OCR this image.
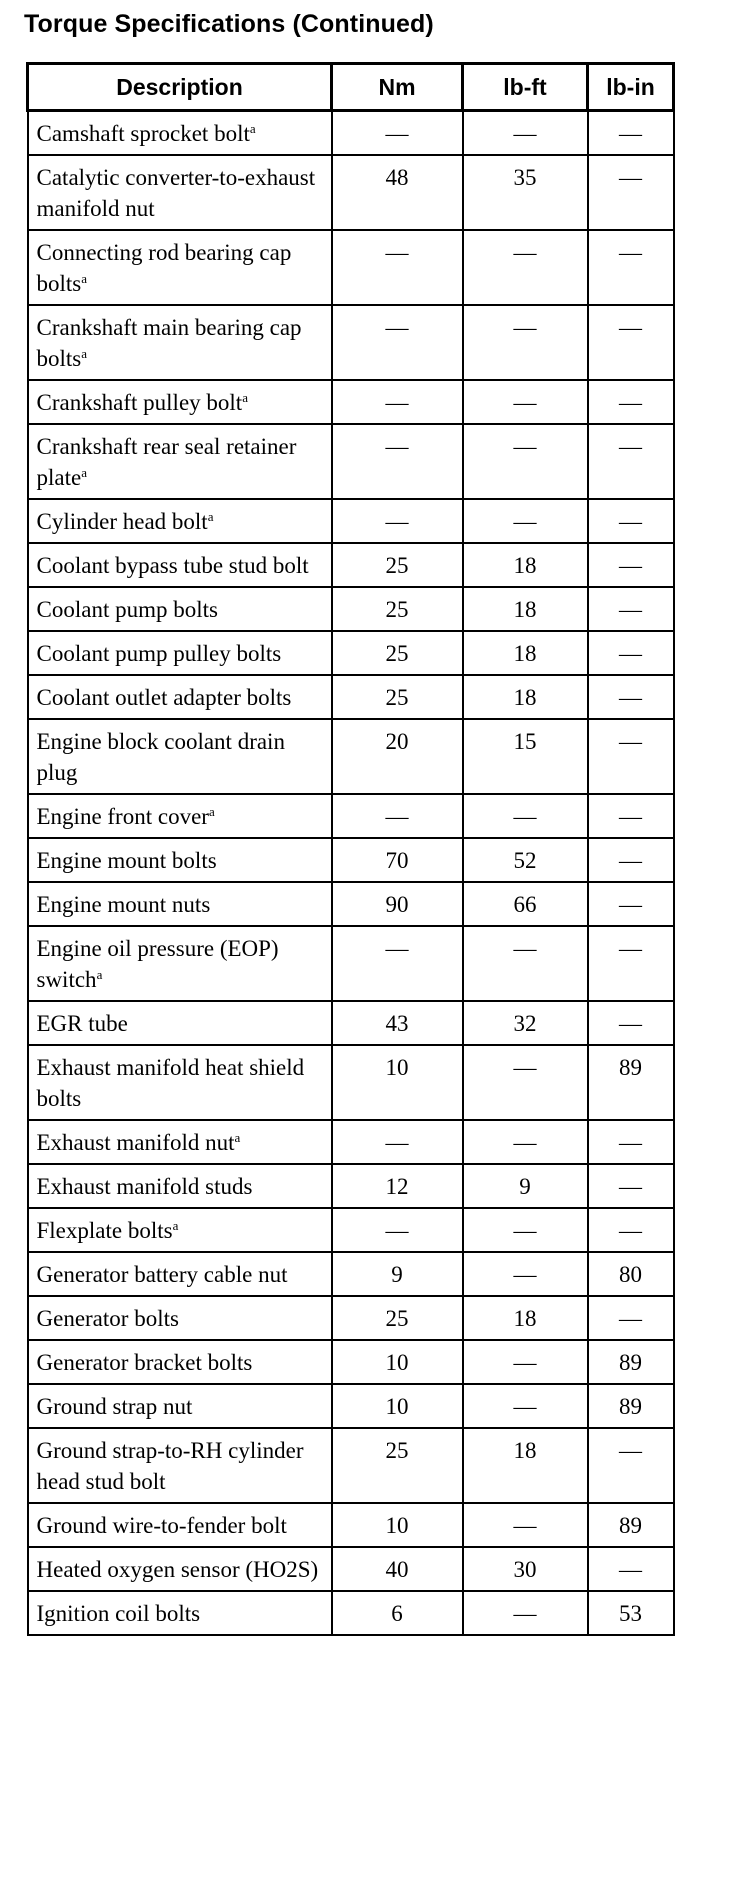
Torque Specifications (Continued)
Description	Nm	lb-ft	lb-in
Camshaft sprocket bolt$^a$	—	—	—
Catalytic converter-to-exhaust manifold nut	48	35	—
Connecting rod bearing cap bolts$^a$	—	—	—
Crankshaft main bearing cap bolts$^a$	—	—	—
Crankshaft pulley bolt$^a$	—	—	—
Crankshaft rear seal retainer plate$^a$	—	—	—
Cylinder head bolt$^a$	—	—	—
Coolant bypass tube stud bolt	25	18	—
Coolant pump bolts	25	18	—
Coolant pump pulley bolts	25	18	—
Coolant outlet adapter bolts	25	18	—
Engine block coolant drain plug	20	15	—
Engine front cover$^a$	—	—	—
Engine mount bolts	70	52	—
Engine mount nuts	90	66	—
Engine oil pressure (EOP) switch$^a$	—	—	—
EGR tube	43	32	—
Exhaust manifold heat shield bolts	10	—	89
Exhaust manifold nut$^a$	—	—	—
Exhaust manifold studs	12	9	—
Flexplate bolts$^a$	—	—	—
Generator battery cable nut	9	—	80
Generator bolts	25	18	—
Generator bracket bolts	10	—	89
Ground strap nut	10	—	89
Ground strap-to-RH cylinder head stud bolt	25	18	—
Ground wire-to-fender bolt	10	—	89
Heated oxygen sensor (HO2S)	40	30	—
Ignition coil bolts	6	—	53
